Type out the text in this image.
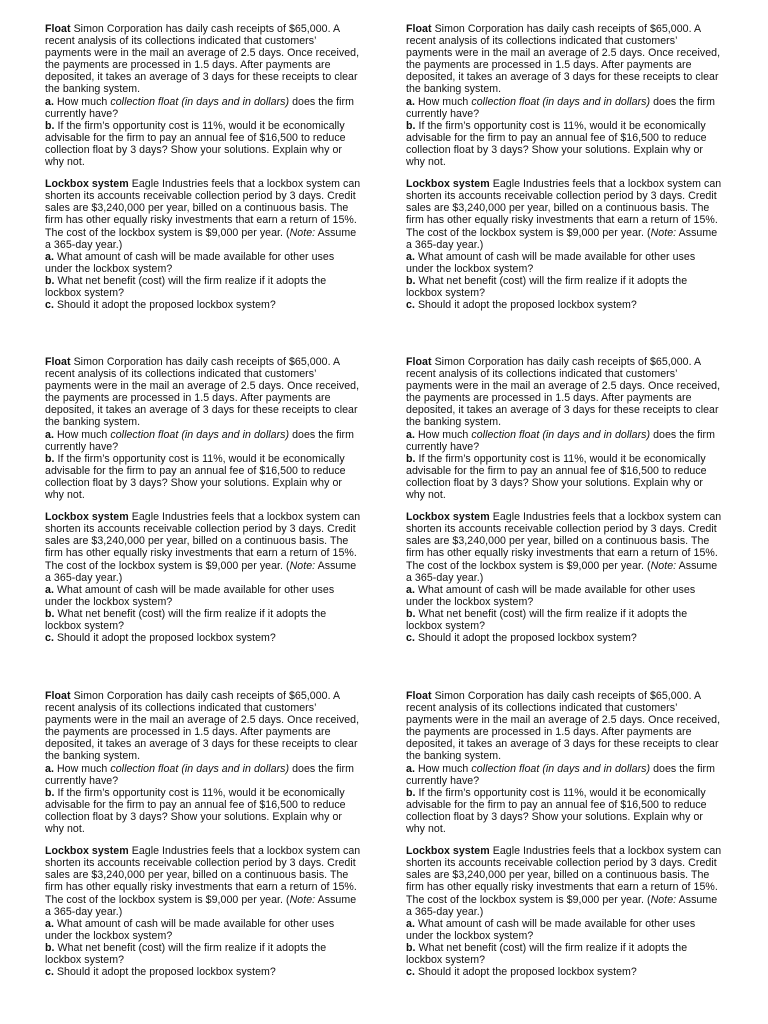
Float Simon Corporation has daily cash receipts of $65,000. A recent analysis of its collections indicated that customers’ payments were in the mail an average of 2.5 days. Once received, the payments are processed in 1.5 days. After payments are deposited, it takes an average of 3 days for these receipts to clear the banking system.

a. How much collection float (in days and in dollars) does the firm currently have?

b. If the firm’s opportunity cost is 11%, would it be economically advisable for the firm to pay an annual fee of $16,500 to reduce collection float by 3 days? Show your solutions. Explain why or why not.

Lockbox system Eagle Industries feels that a lockbox system can shorten its accounts receivable collection period by 3 days. Credit sales are $3,240,000 per year, billed on a continuous basis. The firm has other equally risky investments that earn a return of 15%. The cost of the lockbox system is $9,000 per year. (Note: Assume a 365-day year.)

a. What amount of cash will be made available for other uses under the lockbox system?

b. What net benefit (cost) will the firm realize if it adopts the lockbox system?

c. Should it adopt the proposed lockbox system?

Float Simon Corporation has daily cash receipts of $65,000. A recent analysis of its collections indicated that customers’ payments were in the mail an average of 2.5 days. Once received, the payments are processed in 1.5 days. After payments are deposited, it takes an average of 3 days for these receipts to clear the banking system.

a. How much collection float (in days and in dollars) does the firm currently have?

b. If the firm’s opportunity cost is 11%, would it be economically advisable for the firm to pay an annual fee of $16,500 to reduce collection float by 3 days? Show your solutions. Explain why or why not.

Lockbox system Eagle Industries feels that a lockbox system can shorten its accounts receivable collection period by 3 days. Credit sales are $3,240,000 per year, billed on a continuous basis. The firm has other equally risky investments that earn a return of 15%. The cost of the lockbox system is $9,000 per year. (Note: Assume a 365-day year.)

a. What amount of cash will be made available for other uses under the lockbox system?

b. What net benefit (cost) will the firm realize if it adopts the lockbox system?

c. Should it adopt the proposed lockbox system?

Float Simon Corporation has daily cash receipts of $65,000. A recent analysis of its collections indicated that customers’ payments were in the mail an average of 2.5 days. Once received, the payments are processed in 1.5 days. After payments are deposited, it takes an average of 3 days for these receipts to clear the banking system.

a. How much collection float (in days and in dollars) does the firm currently have?

b. If the firm’s opportunity cost is 11%, would it be economically advisable for the firm to pay an annual fee of $16,500 to reduce collection float by 3 days? Show your solutions. Explain why or why not.

Lockbox system Eagle Industries feels that a lockbox system can shorten its accounts receivable collection period by 3 days. Credit sales are $3,240,000 per year, billed on a continuous basis. The firm has other equally risky investments that earn a return of 15%. The cost of the lockbox system is $9,000 per year. (Note: Assume a 365-day year.)

a. What amount of cash will be made available for other uses under the lockbox system?

b. What net benefit (cost) will the firm realize if it adopts the lockbox system?

c. Should it adopt the proposed lockbox system?

Float Simon Corporation has daily cash receipts of $65,000. A recent analysis of its collections indicated that customers’ payments were in the mail an average of 2.5 days. Once received, the payments are processed in 1.5 days. After payments are deposited, it takes an average of 3 days for these receipts to clear the banking system.

a. How much collection float (in days and in dollars) does the firm currently have?

b. If the firm’s opportunity cost is 11%, would it be economically advisable for the firm to pay an annual fee of $16,500 to reduce collection float by 3 days? Show your solutions. Explain why or why not.

Lockbox system Eagle Industries feels that a lockbox system can shorten its accounts receivable collection period by 3 days. Credit sales are $3,240,000 per year, billed on a continuous basis. The firm has other equally risky investments that earn a return of 15%. The cost of the lockbox system is $9,000 per year. (Note: Assume a 365-day year.)

a. What amount of cash will be made available for other uses under the lockbox system?

b. What net benefit (cost) will the firm realize if it adopts the lockbox system?

c. Should it adopt the proposed lockbox system?

Float Simon Corporation has daily cash receipts of $65,000. A recent analysis of its collections indicated that customers’ payments were in the mail an average of 2.5 days. Once received, the payments are processed in 1.5 days. After payments are deposited, it takes an average of 3 days for these receipts to clear the banking system.

a. How much collection float (in days and in dollars) does the firm currently have?

b. If the firm’s opportunity cost is 11%, would it be economically advisable for the firm to pay an annual fee of $16,500 to reduce collection float by 3 days? Show your solutions. Explain why or why not.

Lockbox system Eagle Industries feels that a lockbox system can shorten its accounts receivable collection period by 3 days. Credit sales are $3,240,000 per year, billed on a continuous basis. The firm has other equally risky investments that earn a return of 15%. The cost of the lockbox system is $9,000 per year. (Note: Assume a 365-day year.)

a. What amount of cash will be made available for other uses under the lockbox system?

b. What net benefit (cost) will the firm realize if it adopts the lockbox system?

c. Should it adopt the proposed lockbox system?

Float Simon Corporation has daily cash receipts of $65,000. A recent analysis of its collections indicated that customers’ payments were in the mail an average of 2.5 days. Once received, the payments are processed in 1.5 days. After payments are deposited, it takes an average of 3 days for these receipts to clear the banking system.

a. How much collection float (in days and in dollars) does the firm currently have?

b. If the firm’s opportunity cost is 11%, would it be economically advisable for the firm to pay an annual fee of $16,500 to reduce collection float by 3 days? Show your solutions. Explain why or why not.

Lockbox system Eagle Industries feels that a lockbox system can shorten its accounts receivable collection period by 3 days. Credit sales are $3,240,000 per year, billed on a continuous basis. The firm has other equally risky investments that earn a return of 15%. The cost of the lockbox system is $9,000 per year. (Note: Assume a 365-day year.)

a. What amount of cash will be made available for other uses under the lockbox system?

b. What net benefit (cost) will the firm realize if it adopts the lockbox system?

c. Should it adopt the proposed lockbox system?
